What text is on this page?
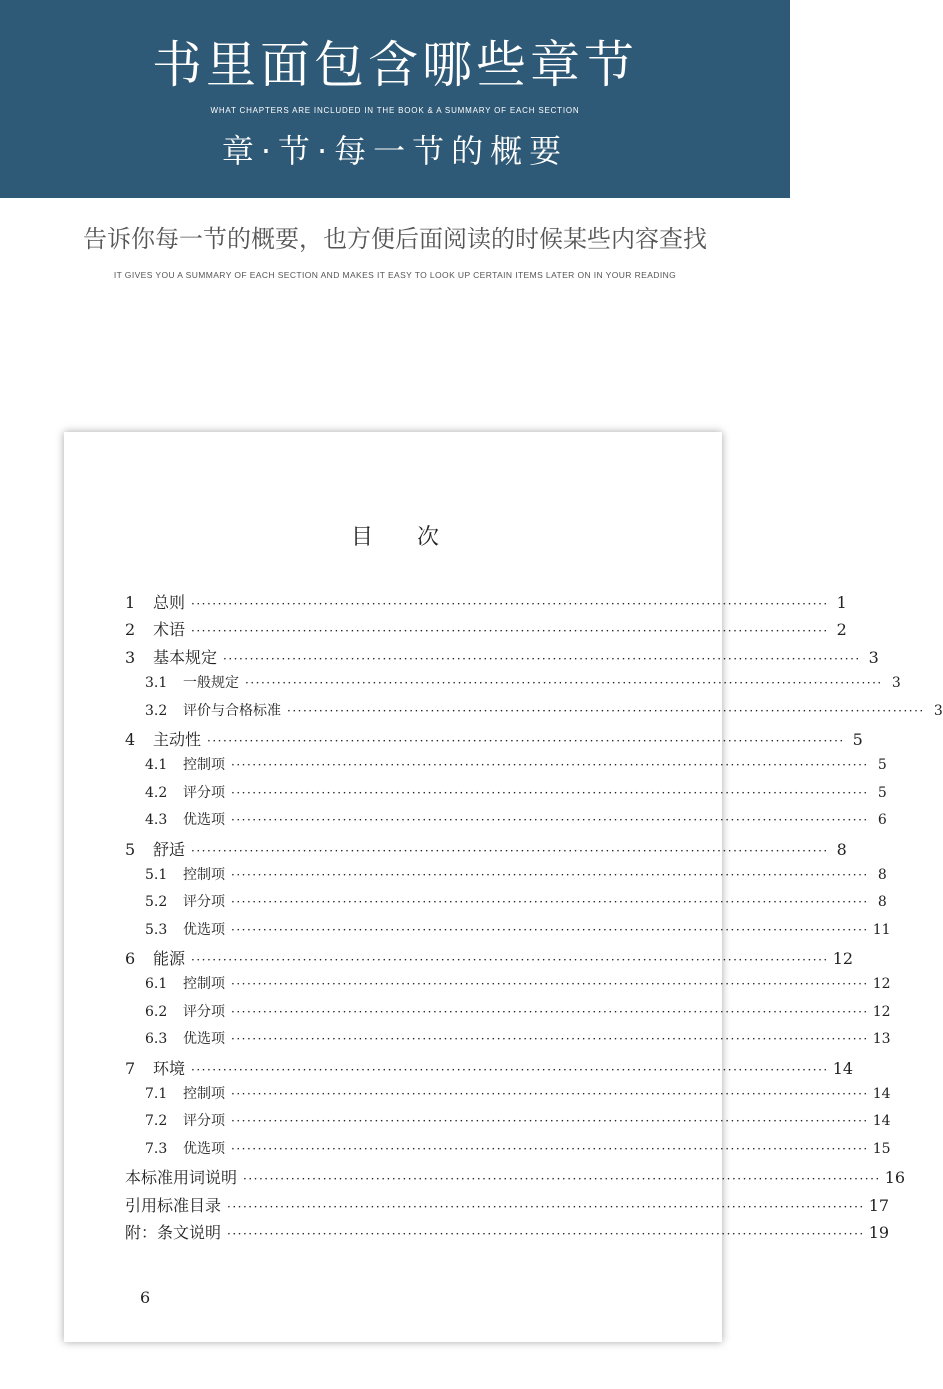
书里面包含哪些章节
WHAT CHAPTERS ARE INCLUDED IN THE BOOK & A SUMMARY OF EACH SECTION
章·节·每一节的概要
告诉你每一节的概要，也方便后面阅读的时候某些内容查找
IT GIVES YOU A SUMMARY OF EACH SECTION AND MAKES IT EASY TO LOOK UP CERTAIN ITEMS LATER ON IN YOUR READING
目 次
1	总则 ························································································································ 1
2	术语 ························································································································ 2
3	基本规定 ························································································································ 3
3.1	一般规定 ························································································································ 3
3.2	评价与合格标准 ························································································································ 3
4	主动性 ························································································································ 5
4.1	控制项 ························································································································ 5
4.2	评分项 ························································································································ 5
4.3	优选项 ························································································································ 6
5	舒适 ························································································································ 8
5.1	控制项 ························································································································ 8
5.2	评分项 ························································································································ 8
5.3	优选项 ························································································································ 11
6	能源 ························································································································ 12
6.1	控制项 ························································································································ 12
6.2	评分项 ························································································································ 12
6.3	优选项 ························································································································ 13
7	环境 ························································································································ 14
7.1	控制项 ························································································································ 14
7.2	评分项 ························································································································ 14
7.3	优选项 ························································································································ 15
本标准用词说明 ························································································································ 16
引用标准目录 ························································································································ 17
附：条文说明 ························································································································ 19
6
